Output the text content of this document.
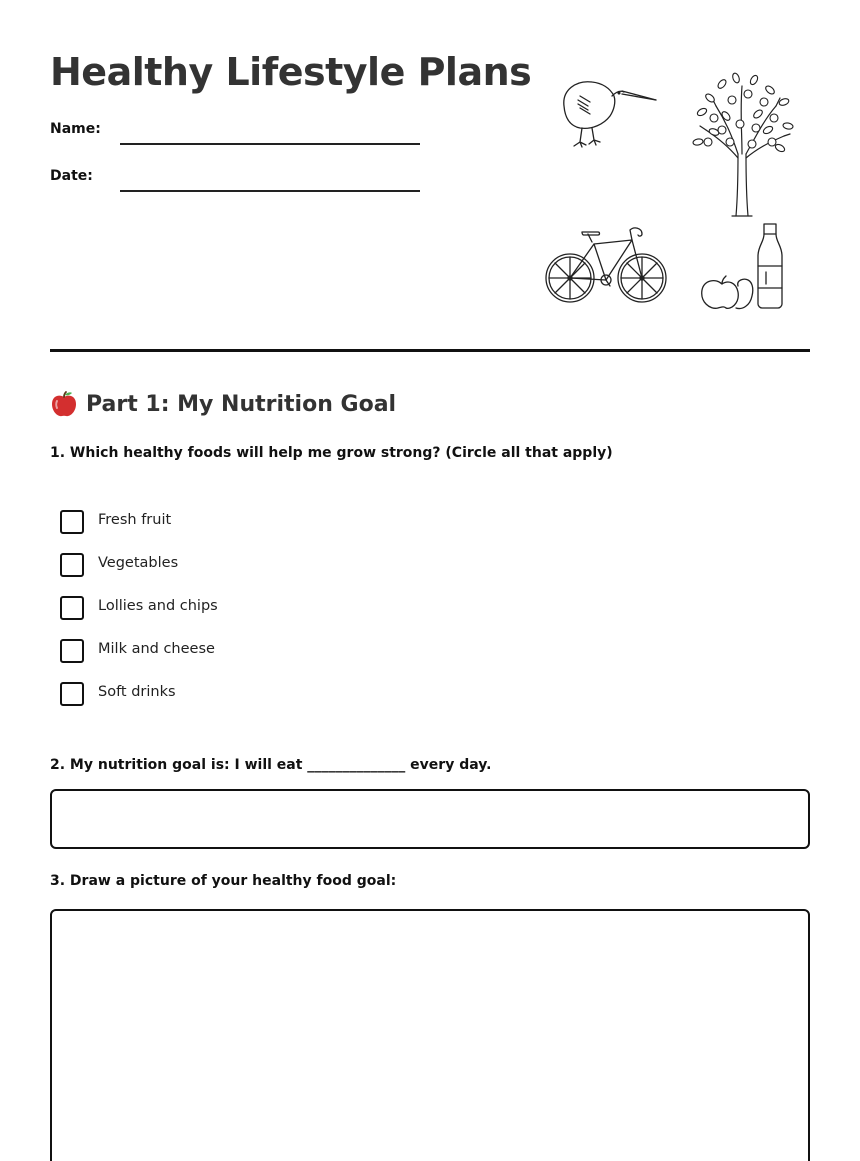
Healthy Lifestyle Plans
Name:
Date:
Part 1: My Nutrition Goal

1. Which healthy foods will help me grow strong? (Circle all that apply)

Fresh fruit
Vegetables
Lollies and chips
Milk and cheese
Soft drinks

2. My nutrition goal is: I will eat ______________ every day.

3. Draw a picture of your healthy food goal:
